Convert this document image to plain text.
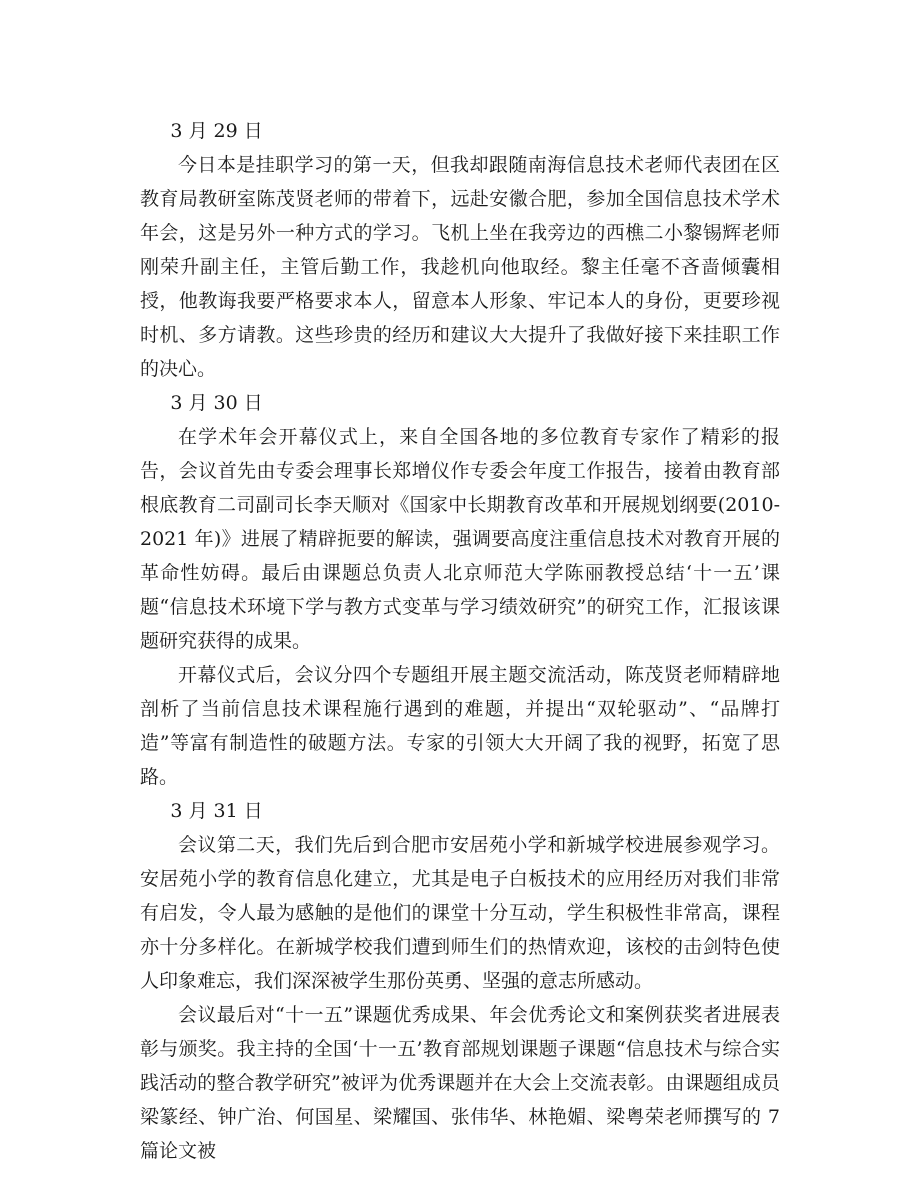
3 月 29 日

今日本是挂职学习的第一天，但我却跟随南海信息技术老师代表团在区教育局教研室陈茂贤老师的带着下，远赴安徽合肥，参加全国信息技术学术年会，这是另外一种方式的学习。飞机上坐在我旁边的西樵二小黎锡辉老师刚荣升副主任，主管后勤工作，我趁机向他取经。黎主任毫不吝啬倾囊相授，他教诲我要严格要求本人，留意本人形象、牢记本人的身份，更要珍视时机、多方请教。这些珍贵的经历和建议大大提升了我做好接下来挂职工作的决心。

3 月 30 日

在学术年会开幕仪式上，来自全国各地的多位教育专家作了精彩的报告，会议首先由专委会理事长郑增仪作专委会年度工作报告，接着由教育部根底教育二司副司长李天顺对《国家中长期教育改革和开展规划纲要(2010-2021 年)》进展了精辟扼要的解读，强调要高度注重信息技术对教育开展的革命性妨碍。最后由课题总负责人北京师范大学陈丽教授总结‘十一五’课题“信息技术环境下学与教方式变革与学习绩效研究”的研究工作，汇报该课题研究获得的成果。

开幕仪式后，会议分四个专题组开展主题交流活动，陈茂贤老师精辟地剖析了当前信息技术课程施行遇到的难题，并提出“双轮驱动”、“品牌打造”等富有制造性的破题方法。专家的引领大大开阔了我的视野，拓宽了思路。

3 月 31 日

会议第二天，我们先后到合肥市安居苑小学和新城学校进展参观学习。安居苑小学的教育信息化建立，尤其是电子白板技术的应用经历对我们非常有启发，令人最为感触的是他们的课堂十分互动，学生积极性非常高，课程亦十分多样化。在新城学校我们遭到师生们的热情欢迎，该校的击剑特色使人印象难忘，我们深深被学生那份英勇、坚强的意志所感动。

会议最后对“十一五”课题优秀成果、年会优秀论文和案例获奖者进展表彰与颁奖。我主持的全国‘十一五’教育部规划课题子课题“信息技术与综合实践活动的整合教学研究”被评为优秀课题并在大会上交流表彰。由课题组成员梁篆经、钟广治、何国星、梁耀国、张伟华、林艳媚、梁粤荣老师撰写的 7 篇论文被
